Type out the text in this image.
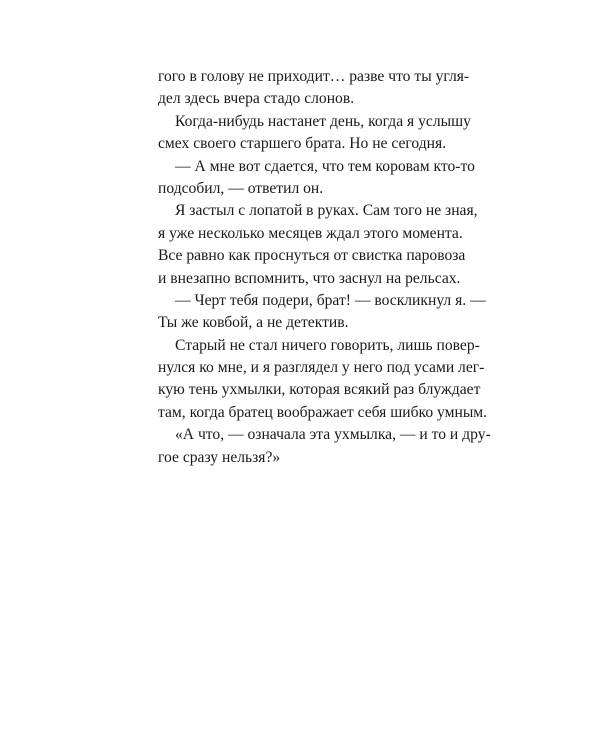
гого в голову не приходит… разве что ты угля-
дел здесь вчера стадо слонов.
Когда-нибудь настанет день, когда я услышу
смех своего старшего брата. Но не сегодня.
— А мне вот сдается, что тем коровам кто-то
подсобил, — ответил он.
Я застыл с лопатой в руках. Сам того не зная,
я уже несколько месяцев ждал этого момента.
Все равно как проснуться от свистка паровоза
и внезапно вспомнить, что заснул на рельсах.
— Черт тебя подери, брат! — воскликнул я. —
Ты же ковбой, а не детектив.
Старый не стал ничего говорить, лишь повер-
нулся ко мне, и я разглядел у него под усами лег-
кую тень ухмылки, которая всякий раз блуждает
там, когда братец воображает себя шибко умным.
«А что, — означала эта ухмылка, — и то и дру-
гое сразу нельзя?»
